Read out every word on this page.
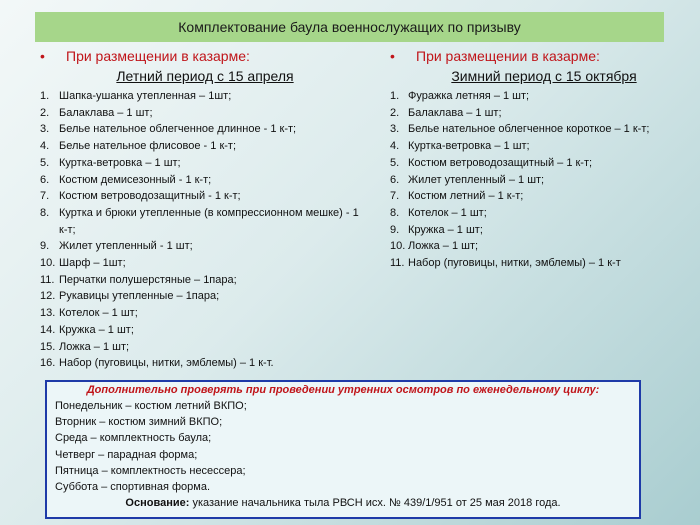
Комплектование баула военнослужащих по призыву
•	При размещении в казарме:
Летний период с 15 апреля
1. Шапка-ушанка утепленная – 1шт;
2. Балаклава – 1 шт;
3. Белье нательное облегченное длинное - 1 к-т;
4. Белье нательное флисовое - 1 к-т;
5. Куртка-ветровка – 1 шт;
6. Костюм демисезонный - 1 к-т;
7. Костюм ветроводозащитный - 1 к-т;
8. Куртка и брюки утепленные (в компрессионном мешке) - 1 к-т;
9. Жилет утепленный - 1 шт;
10. Шарф – 1шт;
11. Перчатки полушерстяные – 1пара;
12. Рукавицы утепленные – 1пара;
13. Котелок – 1 шт;
14. Кружка – 1 шт;
15. Ложка – 1 шт;
16. Набор (пуговицы, нитки, эмблемы) – 1 к-т.
•	При размещении в казарме:
Зимний период с 15 октября
1. Фуражка летняя – 1 шт;
2. Балаклава – 1 шт;
3. Белье нательное облегченное короткое – 1 к-т;
4. Куртка-ветровка – 1 шт;
5. Костюм ветроводозащитный – 1 к-т;
6. Жилет утепленный – 1 шт;
7. Костюм летний – 1 к-т;
8. Котелок – 1 шт;
9. Кружка – 1 шт;
10. Ложка – 1 шт;
11. Набор (пуговицы, нитки, эмблемы) – 1 к-т
Дополнительно проверять при проведении утренних осмотров по еженедельному циклу:
Понедельник – костюм летний ВКПО;
Вторник – костюм зимний ВКПО;
Среда – комплектность баула;
Четверг – парадная форма;
Пятница – комплектность несессера;
Суббота – спортивная форма.
Основание: указание начальника тыла РВСН исх. № 439/1/951 от 25 мая 2018 года.
